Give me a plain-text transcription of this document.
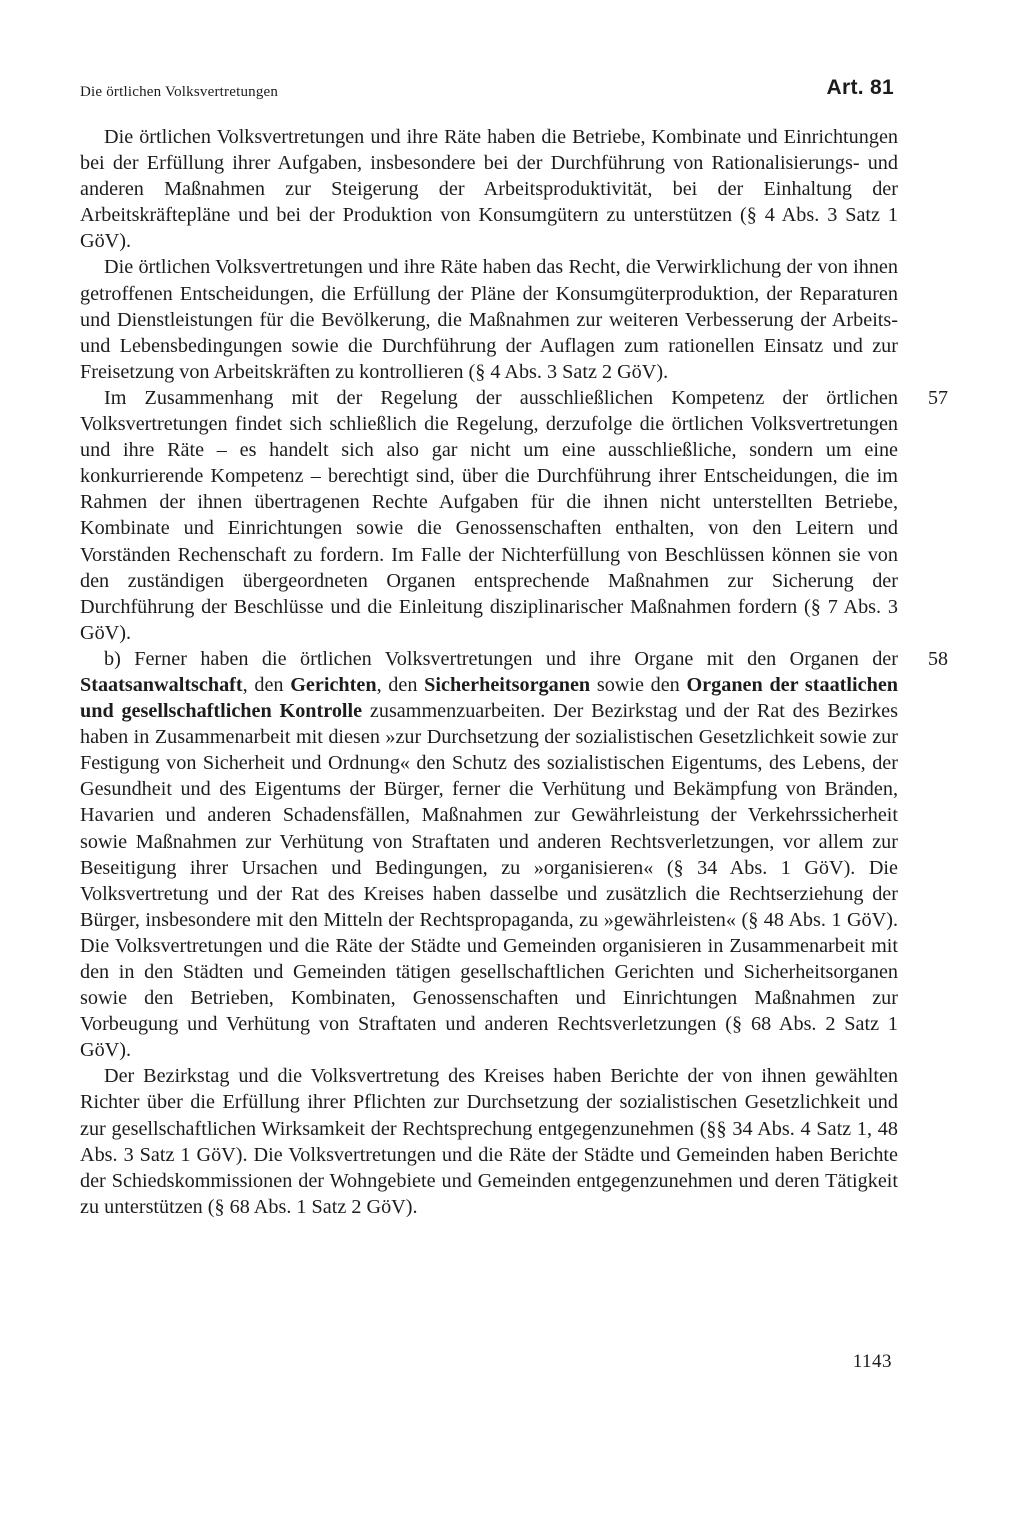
Die örtlichen Volksvertretungen	Art. 81

Die örtlichen Volksvertretungen und ihre Räte haben die Betriebe, Kombinate und Einrichtungen bei der Erfüllung ihrer Aufgaben, insbesondere bei der Durchführung von Rationalisierungs- und anderen Maßnahmen zur Steigerung der Arbeitsproduktivität, bei der Einhaltung der Arbeitskräftepläne und bei der Produktion von Konsumgütern zu unterstützen (§ 4 Abs. 3 Satz 1 GöV).

Die örtlichen Volksvertretungen und ihre Räte haben das Recht, die Verwirklichung der von ihnen getroffenen Entscheidungen, die Erfüllung der Pläne der Konsumgüterproduktion, der Reparaturen und Dienstleistungen für die Bevölkerung, die Maßnahmen zur weiteren Verbesserung der Arbeits- und Lebensbedingungen sowie die Durchführung der Auflagen zum rationellen Einsatz und zur Freisetzung von Arbeitskräften zu kontrollieren (§ 4 Abs. 3 Satz 2 GöV).

Im Zusammenhang mit der Regelung der ausschließlichen Kompetenz der örtlichen Volksvertretungen findet sich schließlich die Regelung, derzufolge die örtlichen Volksvertretungen und ihre Räte – es handelt sich also gar nicht um eine ausschließliche, sondern um eine konkurrierende Kompetenz – berechtigt sind, über die Durchführung ihrer Entscheidungen, die im Rahmen der ihnen übertragenen Rechte Aufgaben für die ihnen nicht unterstellten Betriebe, Kombinate und Einrichtungen sowie die Genossenschaften enthalten, von den Leitern und Vorständen Rechenschaft zu fordern. Im Falle der Nichterfüllung von Beschlüssen können sie von den zuständigen übergeordneten Organen entsprechende Maßnahmen zur Sicherung der Durchführung der Beschlüsse und die Einleitung disziplinarischer Maßnahmen fordern (§ 7 Abs. 3 GöV).
57

b) Ferner haben die örtlichen Volksvertretungen und ihre Organe mit den Organen der Staatsanwaltschaft, den Gerichten, den Sicherheitsorganen sowie den Organen der staatlichen und gesellschaftlichen Kontrolle zusammenzuarbeiten. Der Bezirkstag und der Rat des Bezirkes haben in Zusammenarbeit mit diesen »zur Durchsetzung der sozialistischen Gesetzlichkeit sowie zur Festigung von Sicherheit und Ordnung« den Schutz des sozialistischen Eigentums, des Lebens, der Gesundheit und des Eigentums der Bürger, ferner die Verhütung und Bekämpfung von Bränden, Havarien und anderen Schadensfällen, Maßnahmen zur Gewährleistung der Verkehrssicherheit sowie Maßnahmen zur Verhütung von Straftaten und anderen Rechtsverletzungen, vor allem zur Beseitigung ihrer Ursachen und Bedingungen, zu »organisieren« (§ 34 Abs. 1 GöV). Die Volksvertretung und der Rat des Kreises haben dasselbe und zusätzlich die Rechtserziehung der Bürger, insbesondere mit den Mitteln der Rechtspropaganda, zu »gewährleisten« (§ 48 Abs. 1 GöV). Die Volksvertretungen und die Räte der Städte und Gemeinden organisieren in Zusammenarbeit mit den in den Städten und Gemeinden tätigen gesellschaftlichen Gerichten und Sicherheitsorganen sowie den Betrieben, Kombinaten, Genossenschaften und Einrichtungen Maßnahmen zur Vorbeugung und Verhütung von Straftaten und anderen Rechtsverletzungen (§ 68 Abs. 2 Satz 1 GöV).
58

Der Bezirkstag und die Volksvertretung des Kreises haben Berichte der von ihnen gewählten Richter über die Erfüllung ihrer Pflichten zur Durchsetzung der sozialistischen Gesetzlichkeit und zur gesellschaftlichen Wirksamkeit der Rechtsprechung entgegenzunehmen (§§ 34 Abs. 4 Satz 1, 48 Abs. 3 Satz 1 GöV). Die Volksvertretungen und die Räte der Städte und Gemeinden haben Berichte der Schiedskommissionen der Wohngebiete und Gemeinden entgegenzunehmen und deren Tätigkeit zu unterstützen (§ 68 Abs. 1 Satz 2 GöV).

1143
